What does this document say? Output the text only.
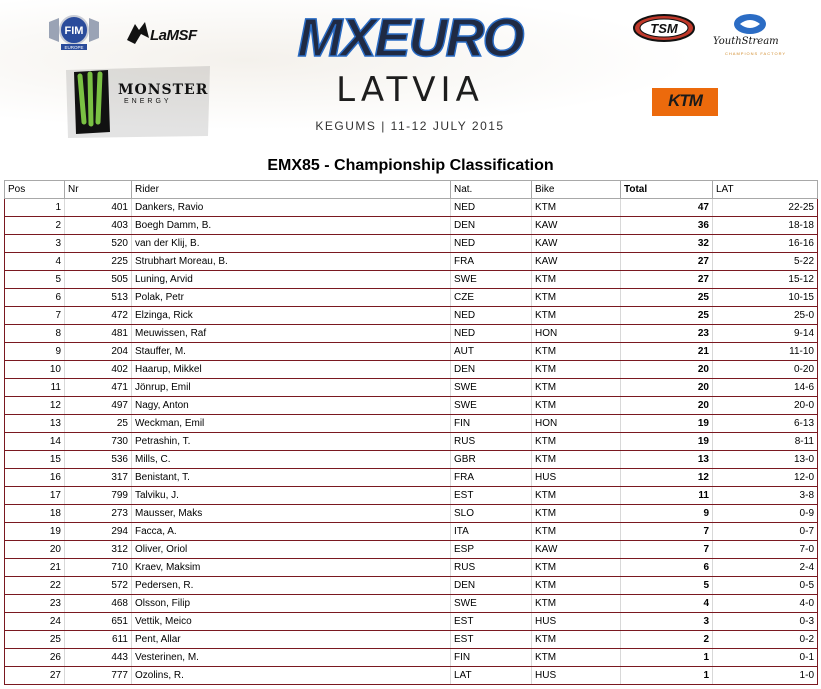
FIM
EUROPE
LaMSF
MONSTER
ENERGY
MXEURO
LATVIA
KEGUMS | 11-12 JULY 2015
TSM
YouthStream
CHAMPIONS FACTORY
KTM
EMX85 - Championship Classification
Pos	Nr	Rider	Nat.	Bike	Total	LAT
1	401	Dankers, Ravio	NED	KTM	47	22-25
2	403	Boegh Damm, B.	DEN	KAW	36	18-18
3	520	van der Klij, B.	NED	KAW	32	16-16
4	225	Strubhart Moreau, B.	FRA	KAW	27	5-22
5	505	Luning, Arvid	SWE	KTM	27	15-12
6	513	Polak, Petr	CZE	KTM	25	10-15
7	472	Elzinga, Rick	NED	KTM	25	25-0
8	481	Meuwissen, Raf	NED	HON	23	9-14
9	204	Stauffer, M.	AUT	KTM	21	11-10
10	402	Haarup, Mikkel	DEN	KTM	20	0-20
11	471	Jönrup, Emil	SWE	KTM	20	14-6
12	497	Nagy, Anton	SWE	KTM	20	20-0
13	25	Weckman, Emil	FIN	HON	19	6-13
14	730	Petrashin, T.	RUS	KTM	19	8-11
15	536	Mills, C.	GBR	KTM	13	13-0
16	317	Benistant, T.	FRA	HUS	12	12-0
17	799	Talviku, J.	EST	KTM	11	3-8
18	273	Mausser, Maks	SLO	KTM	9	0-9
19	294	Facca, A.	ITA	KTM	7	0-7
20	312	Oliver, Oriol	ESP	KAW	7	7-0
21	710	Kraev, Maksim	RUS	KTM	6	2-4
22	572	Pedersen, R.	DEN	KTM	5	0-5
23	468	Olsson, Filip	SWE	KTM	4	4-0
24	651	Vettik, Meico	EST	HUS	3	0-3
25	611	Pent, Allar	EST	KTM	2	0-2
26	443	Vesterinen, M.	FIN	KTM	1	0-1
27	777	Ozolins, R.	LAT	HUS	1	1-0
